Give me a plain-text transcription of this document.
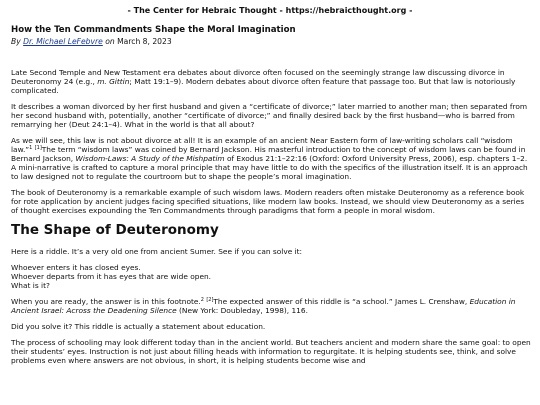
- The Center for Hebraic Thought - https://hebraicthought.org -
How the Ten Commandments Shape the Moral Imagination
By Dr. Michael LeFebvre on March 8, 2023

Late Second Temple and New Testament era debates about divorce often focused on the seemingly strange law discussing divorce in Deuteronomy 24 (e.g., m. Gittin; Matt 19:1–9). Modern debates about divorce often feature that passage too. But that law is notoriously complicated.

It describes a woman divorced by her first husband and given a “certificate of divorce;” later married to another man; then separated from her second husband with, potentially, another “certificate of divorce;” and finally desired back by the first husband—who is barred from remarrying her (Deut 24:1–4). What in the world is that all about?

As we will see, this law is not about divorce at all! It is an example of an ancient Near Eastern form of law-writing scholars call “wisdom law.”$^1$ [1]The term “wisdom laws” was coined by Bernard Jackson. His masterful introduction to the concept of wisdom laws can be found in Bernard Jackson, Wisdom-Laws: A Study of the Mishpatim of Exodus 21:1–22:16 (Oxford: Oxford University Press, 2006), esp. chapters 1–2. A mini-narrative is crafted to capture a moral principle that may have little to do with the specifics of the illustration itself. It is an approach to law designed not to regulate the courtroom but to shape the people’s moral imagination.

The book of Deuteronomy is a remarkable example of such wisdom laws. Modern readers often mistake Deuteronomy as a reference book for rote application by ancient judges facing specified situations, like modern law books. Instead, we should view Deuteronomy as a series of thought exercises expounding the Ten Commandments through paradigms that form a people in moral wisdom.

The Shape of Deuteronomy

Here is a riddle. It’s a very old one from ancient Sumer. See if you can solve it:

Whoever enters it has closed eyes.

Whoever departs from it has eyes that are wide open.

What is it?

When you are ready, the answer is in this footnote.$^2$ [2]The expected answer of this riddle is “a school.” James L. Crenshaw, Education in Ancient Israel: Across the Deadening Silence (New York: Doubleday, 1998), 116.

Did you solve it? This riddle is actually a statement about education.

The process of schooling may look different today than in the ancient world. But teachers ancient and modern share the same goal: to open their students’ eyes. Instruction is not just about filling heads with information to regurgitate. It is helping students see, think, and solve problems even where answers are not obvious, in short, it is helping students become wise and
